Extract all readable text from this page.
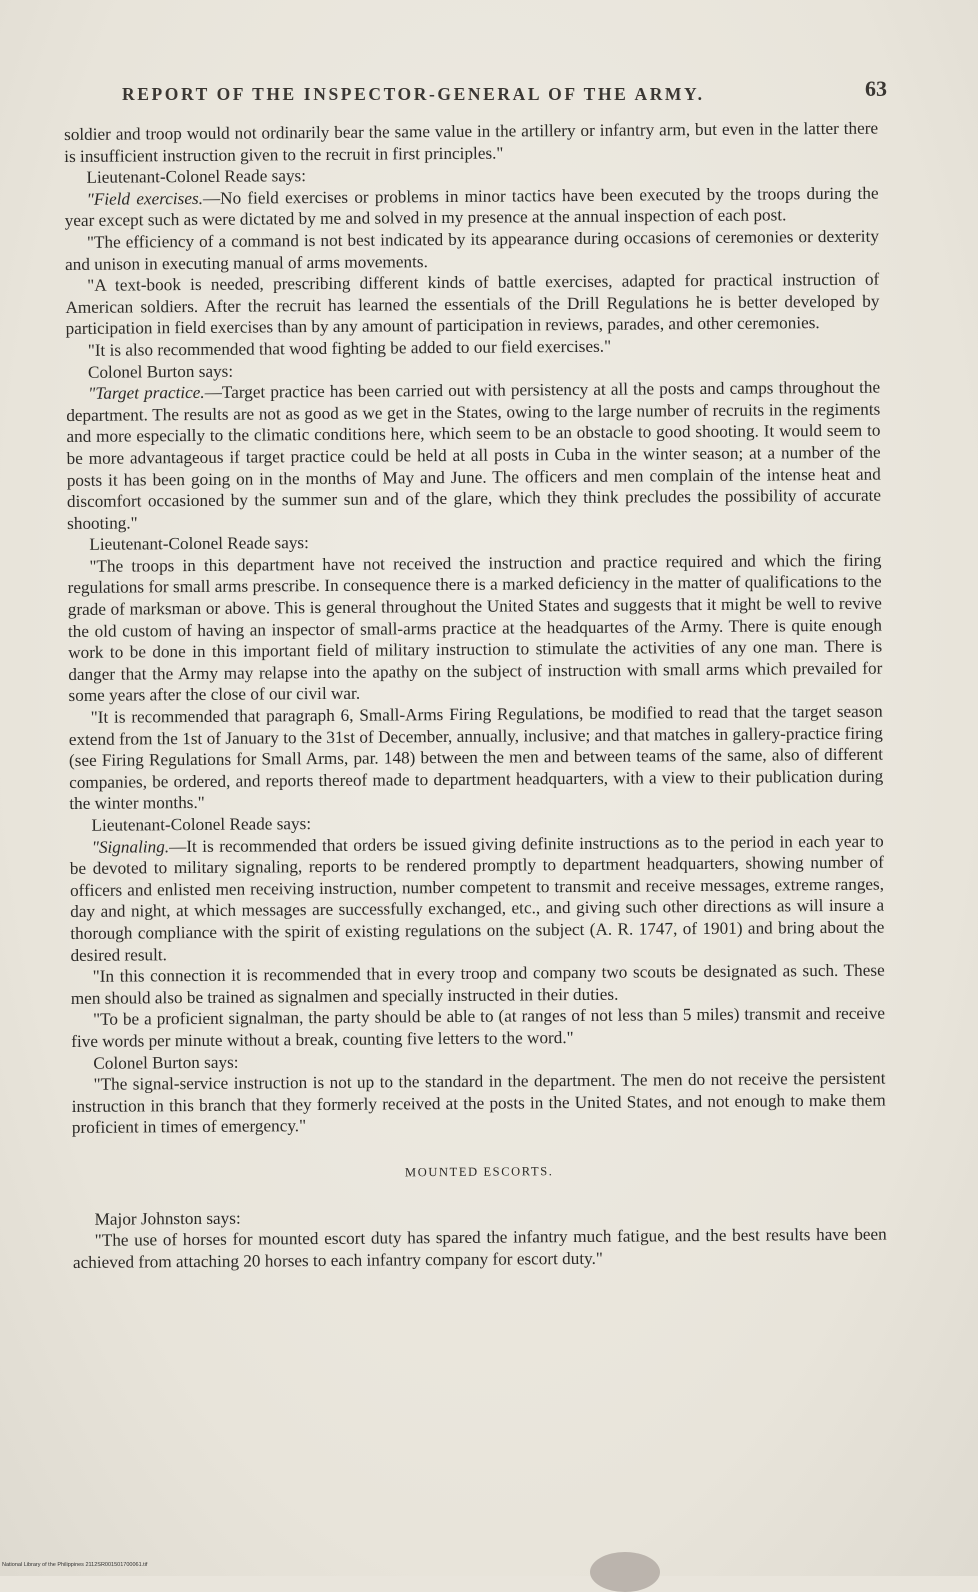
REPORT OF THE INSPECTOR-GENERAL OF THE ARMY.	63

soldier and troop would not ordinarily bear the same value in the artillery or infantry arm, but even in the latter there is insufficient instruction given to the recruit in first principles."

Lieutenant-Colonel Reade says:

"Field exercises.—No field exercises or problems in minor tactics have been executed by the troops during the year except such as were dictated by me and solved in my presence at the annual inspection of each post.

"The efficiency of a command is not best indicated by its appearance during occasions of ceremonies or dexterity and unison in executing manual of arms movements.

"A text-book is needed, prescribing different kinds of battle exercises, adapted for practical instruction of American soldiers. After the recruit has learned the essentials of the Drill Regulations he is better developed by participation in field exercises than by any amount of participation in reviews, parades, and other ceremonies.

"It is also recommended that wood fighting be added to our field exercises."

Colonel Burton says:

"Target practice.—Target practice has been carried out with persistency at all the posts and camps throughout the department. The results are not as good as we get in the States, owing to the large number of recruits in the regiments and more especially to the climatic conditions here, which seem to be an obstacle to good shooting. It would seem to be more advantageous if target practice could be held at all posts in Cuba in the winter season; at a number of the posts it has been going on in the months of May and June. The officers and men complain of the intense heat and discomfort occasioned by the summer sun and of the glare, which they think precludes the possibility of accurate shooting."

Lieutenant-Colonel Reade says:

"The troops in this department have not received the instruction and practice required and which the firing regulations for small arms prescribe. In consequence there is a marked deficiency in the matter of qualifications to the grade of marksman or above. This is general throughout the United States and suggests that it might be well to revive the old custom of having an inspector of small-arms practice at the headquartes of the Army. There is quite enough work to be done in this important field of military instruction to stimulate the activities of any one man. There is danger that the Army may relapse into the apathy on the subject of instruction with small arms which prevailed for some years after the close of our civil war.

"It is recommended that paragraph 6, Small-Arms Firing Regulations, be modified to read that the target season extend from the 1st of January to the 31st of December, annually, inclusive; and that matches in gallery-practice firing (see Firing Regulations for Small Arms, par. 148) between the men and between teams of the same, also of different companies, be ordered, and reports thereof made to department headquarters, with a view to their publication during the winter months."

Lieutenant-Colonel Reade says:

"Signaling.—It is recommended that orders be issued giving definite instructions as to the period in each year to be devoted to military signaling, reports to be rendered promptly to department headquarters, showing number of officers and enlisted men receiving instruction, number competent to transmit and receive messages, extreme ranges, day and night, at which messages are successfully exchanged, etc., and giving such other directions as will insure a thorough compliance with the spirit of existing regulations on the subject (A. R. 1747, of 1901) and bring about the desired result.

"In this connection it is recommended that in every troop and company two scouts be designated as such. These men should also be trained as signalmen and specially instructed in their duties.

"To be a proficient signalman, the party should be able to (at ranges of not less than 5 miles) transmit and receive five words per minute without a break, counting five letters to the word."

Colonel Burton says:

"The signal-service instruction is not up to the standard in the department. The men do not receive the persistent instruction in this branch that they formerly received at the posts in the United States, and not enough to make them proficient in times of emergency."

MOUNTED ESCORTS.

Major Johnston says:

"The use of horses for mounted escort duty has spared the infantry much fatigue, and the best results have been achieved from attaching 20 horses to each infantry company for escort duty."

National Library of the Philippines 2112SR001501700061.tif
